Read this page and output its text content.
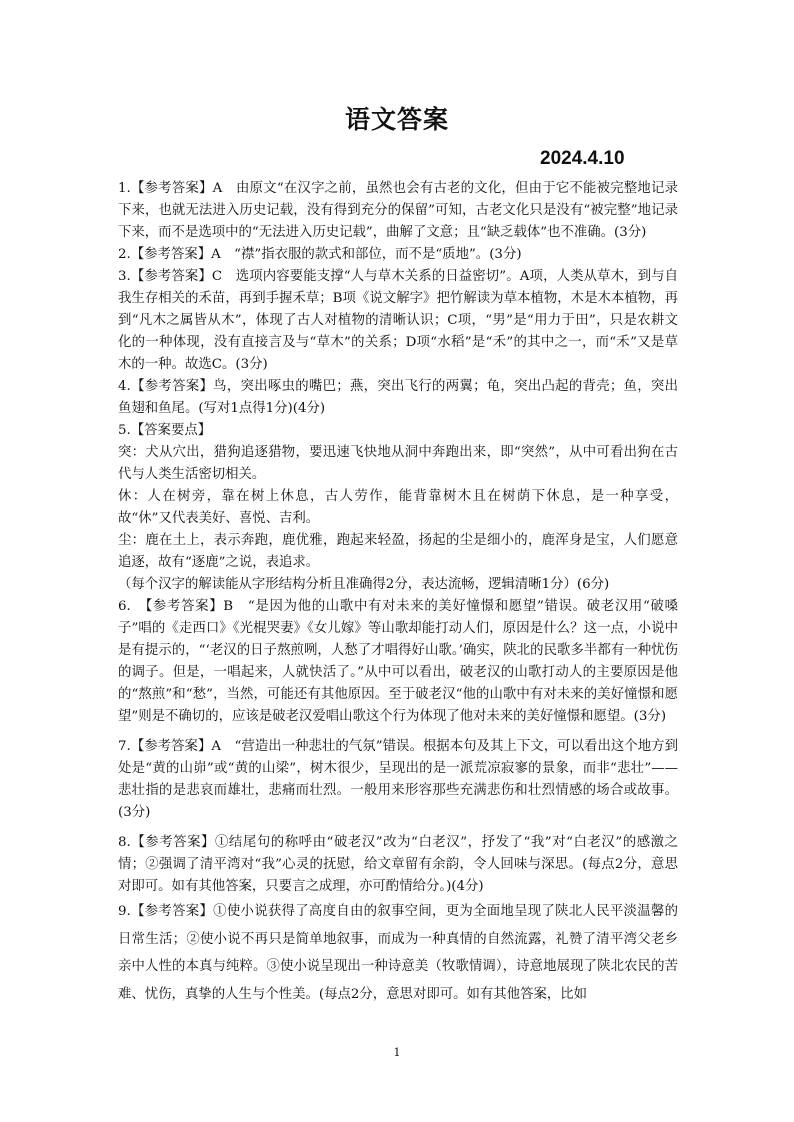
语文答案
2024.4.10
1.【参考答案】A　由原文“在汉字之前，虽然也会有古老的文化，但由于它不能被完整地记录下来，也就无法进入历史记载，没有得到充分的保留”可知，古老文化只是没有“被完整”地记录下来，而不是选项中的“无法进入历史记载”，曲解了文意；且“缺乏载体”也不准确。(3分)
2.【参考答案】A　“襟”指衣服的款式和部位，而不是“质地”。(3分)
3.【参考答案】C　选项内容要能支撑“人与草木关系的日益密切”。A项，人类从草木，到与自我生存相关的禾苗，再到手握禾草；B项《说文解字》把竹解读为草本植物，木是木本植物，再到“凡木之属皆从木”，体现了古人对植物的清晰认识；C项，“男”是“用力于田”，只是农耕文化的一种体现，没有直接言及与“草木”的关系；D项“水稻”是“禾”的其中之一，而“禾”又是草木的一种。故选C。(3分)
4.【参考答案】鸟，突出啄虫的嘴巴；燕，突出飞行的两翼；龟，突出凸起的背壳；鱼，突出鱼翅和鱼尾。(写对1点得1分)(4分)
5.【答案要点】
突：犬从穴出，猎狗追逐猎物，要迅速飞快地从洞中奔跑出来，即“突然”，从中可看出狗在古代与人类生活密切相关。
休：人在树旁，靠在树上休息，古人劳作，能背靠树木且在树荫下休息，是一种享受，故“休”又代表美好、喜悦、吉利。
尘：鹿在土上，表示奔跑，鹿优雅，跑起来轻盈，扬起的尘是细小的，鹿浑身是宝，人们愿意追逐，故有“逐鹿”之说，表追求。
（每个汉字的解读能从字形结构分析且准确得2分，表达流畅，逻辑清晰1分）(6分)
6.　【参考答案】B　“是因为他的山歌中有对未来的美好憧憬和愿望”错误。破老汉用“破嗓子”唱的《走西口》《光棍哭妻》《女儿嫁》等山歌却能打动人们，原因是什么？这一点，小说中是有提示的，“‘老汉的日子熬煎咧，人愁了才唱得好山歌。’确实，陕北的民歌多半都有一种忧伤的调子。但是，一唱起来，人就快活了。”从中可以看出，破老汉的山歌打动人的主要原因是他的“熬煎”和“愁”，当然，可能还有其他原因。至于破老汉“他的山歌中有对未来的美好憧憬和愿望”则是不确切的，应该是破老汉爱唱山歌这个行为体现了他对未来的美好憧憬和愿望。(3分)
7.【参考答案】A　“营造出一种悲壮的气氛”错误。根据本句及其上下文，可以看出这个地方到处是“黄的山峁”或“黄的山梁”，树木很少，呈现出的是一派荒凉寂寥的景象，而非“悲壮”——悲壮指的是悲哀而雄壮，悲痛而壮烈。一般用来形容那些充满悲伤和壮烈情感的场合或故事。(3分)
8.【参考答案】①结尾句的称呼由“破老汉”改为“白老汉”，抒发了“我”对“白老汉”的感激之情；②强调了清平湾对“我”心灵的抚慰，给文章留有余韵，令人回味与深思。(每点2分，意思对即可。如有其他答案，只要言之成理，亦可酌情给分。)(4分)
9.【参考答案】①使小说获得了高度自由的叙事空间，更为全面地呈现了陕北人民平淡温馨的日常生活；②使小说不再只是简单地叙事，而成为一种真情的自然流露，礼赞了清平湾父老乡亲中人性的本真与纯粹。③使小说呈现出一种诗意美（牧歌情调），诗意地展现了陕北农民的苦难、忧伤，真挚的人生与个性美。(每点2分，意思对即可。如有其他答案，比如
1
